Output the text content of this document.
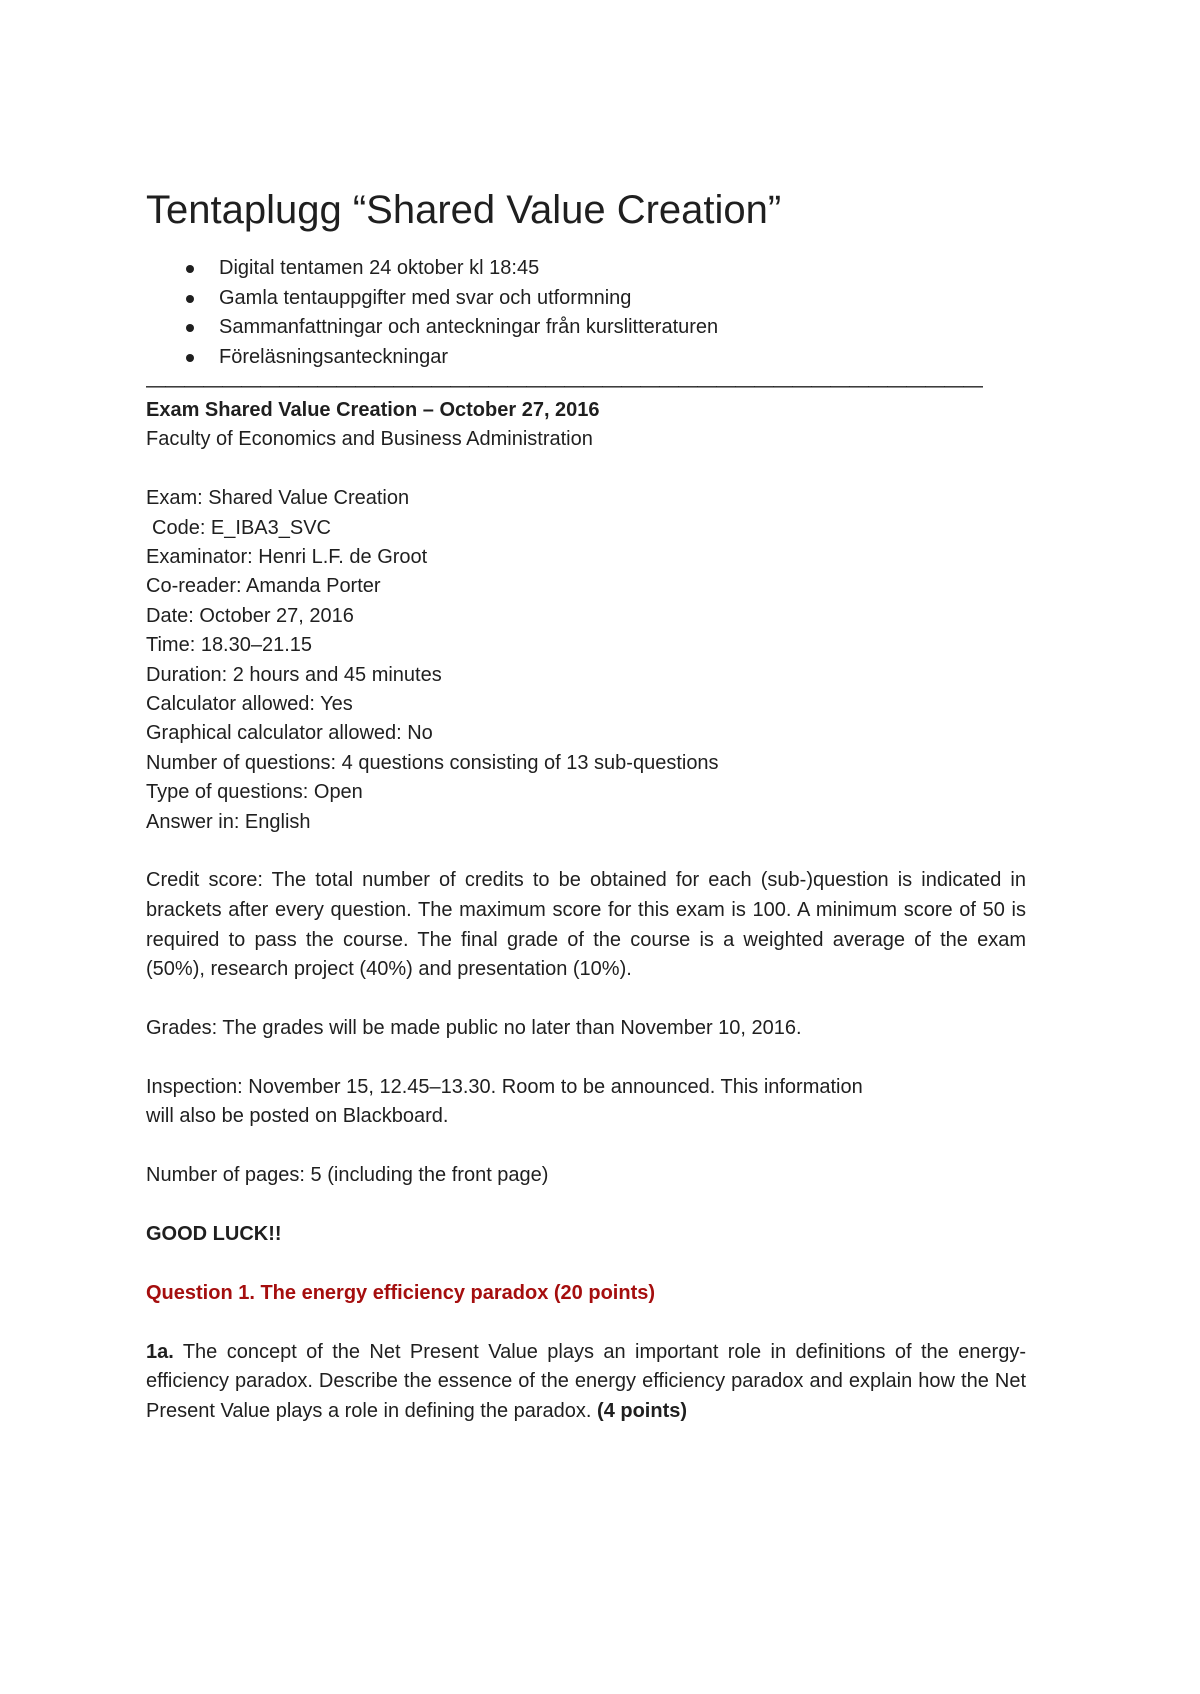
Tentaplugg “Shared Value Creation”
Digital tentamen 24 oktober kl 18:45
Gamla tentauppgifter med svar och utformning
Sammanfattningar och anteckningar från kurslitteraturen
Föreläsningsanteckningar
————————————————————————————————————————————

Exam Shared Value Creation – October 27, 2016

Faculty of Economics and Business Administration

Exam: Shared Value Creation

Code: E_IBA3_SVC

Examinator: Henri L.F. de Groot

Co-reader: Amanda Porter

Date: October 27, 2016

Time: 18.30–21.15

Duration: 2 hours and 45 minutes

Calculator allowed: Yes

Graphical calculator allowed: No

Number of questions: 4 questions consisting of 13 sub-questions

Type of questions: Open

Answer in: English

Credit score: The total number of credits to be obtained for each (sub-)question is indicated in brackets after every question. The maximum score for this exam is 100. A minimum score of 50 is required to pass the course. The final grade of the course is a weighted average of the exam (50%), research project (40%) and presentation (10%).

Grades: The grades will be made public no later than November 10, 2016.

Inspection: November 15, 12.45–13.30. Room to be announced. This information

will also be posted on Blackboard.

Number of pages: 5 (including the front page)

GOOD LUCK!!

Question 1. The energy efficiency paradox (20 points)

1a. The concept of the Net Present Value plays an important role in definitions of the energy-efficiency paradox. Describe the essence of the energy efficiency paradox and explain how the Net Present Value plays a role in defining the paradox. (4 points)
